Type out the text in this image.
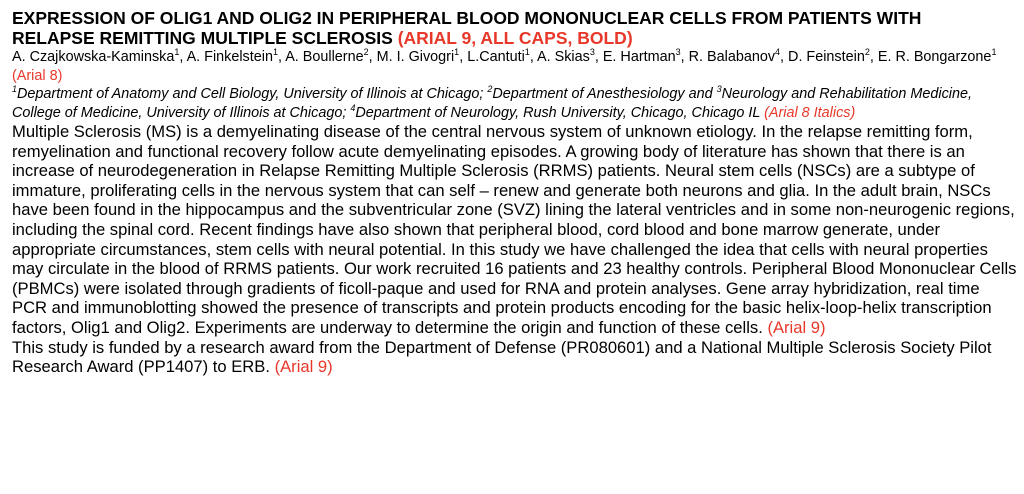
EXPRESSION OF OLIG1 AND OLIG2 IN PERIPHERAL BLOOD MONONUCLEAR CELLS FROM PATIENTS WITH RELAPSE REMITTING MULTIPLE SCLEROSIS (ARIAL 9, ALL CAPS, BOLD)

A. Czajkowska-Kaminska$^1$, A. Finkelstein$^1$, A. Boullerne$^2$, M. I. Givogri$^1$, L.Cantuti$^1$, A. Skias$^3$, E. Hartman$^3$, R. Balabanov$^4$, D. Feinstein$^2$, E. R. Bongarzone$^1$ (Arial 8)

$^1$Department of Anatomy and Cell Biology, University of Illinois at Chicago; $^2$Department of Anesthesiology and $^3$Neurology and Rehabilitation Medicine, College of Medicine, University of Illinois at Chicago; $^4$Department of Neurology, Rush University, Chicago, Chicago IL (Arial 8 Italics)

Multiple Sclerosis (MS) is a demyelinating disease of the central nervous system of unknown etiology. In the relapse remitting form, remyelination and functional recovery follow acute demyelinating episodes. A growing body of literature has shown that there is an increase of neurodegeneration in Relapse Remitting Multiple Sclerosis (RRMS) patients. Neural stem cells (NSCs) are a subtype of immature, proliferating cells in the nervous system that can self – renew and generate both neurons and glia. In the adult brain, NSCs have been found in the hippocampus and the subventricular zone (SVZ) lining the lateral ventricles and in some non-neurogenic regions, including the spinal cord. Recent findings have also shown that peripheral blood, cord blood and bone marrow generate, under appropriate circumstances, stem cells with neural potential. In this study we have challenged the idea that cells with neural properties may circulate in the blood of RRMS patients. Our work recruited 16 patients and 23 healthy controls. Peripheral Blood Mononuclear Cells (PBMCs) were isolated through gradients of ficoll-paque and used for RNA and protein analyses. Gene array hybridization, real time PCR and immunoblotting showed the presence of transcripts and protein products encoding for the basic helix-loop-helix transcription factors, Olig1 and Olig2. Experiments are underway to determine the origin and function of these cells. (Arial 9)

This study is funded by a research award from the Department of Defense (PR080601) and a National Multiple Sclerosis Society Pilot Research Award (PP1407) to ERB. (Arial 9)
